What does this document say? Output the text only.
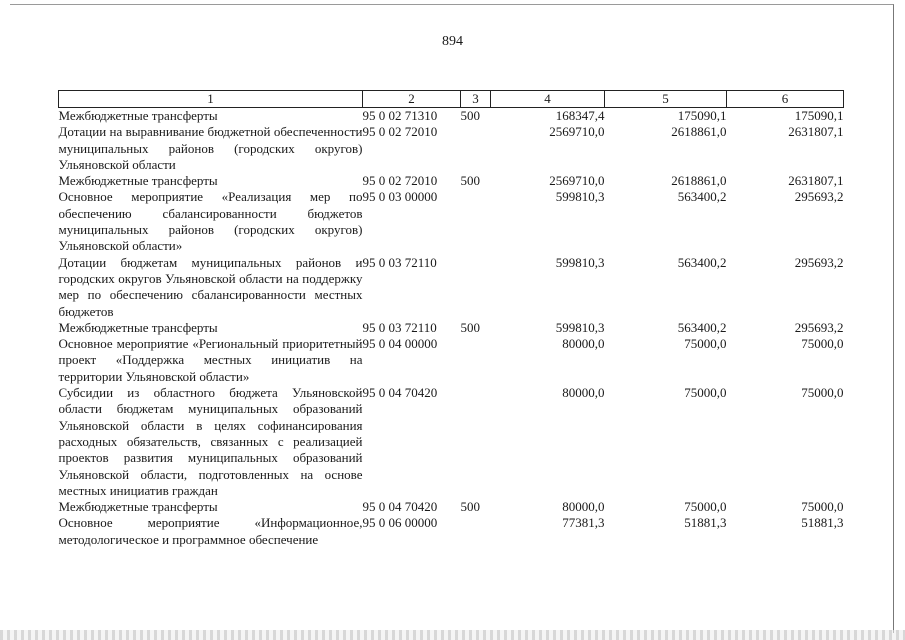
894
1	2	3	4	5	6
Межбюджетные трансферты	95 0 02 71310	500	168347,4	175090,1	175090,1
Дотации на выравнивание бюджетной обеспеченности муниципальных районов (городских округов) Ульяновской области	95 0 02 72010		2569710,0	2618861,0	2631807,1
Межбюджетные трансферты	95 0 02 72010	500	2569710,0	2618861,0	2631807,1
Основное мероприятие «Реализация мер по обеспечению сбалансированности бюджетов муниципальных районов (городских округов) Ульяновской области»	95 0 03 00000		599810,3	563400,2	295693,2
Дотации бюджетам муниципальных районов и городских округов Ульяновской области на поддержку мер по обеспечению сбалансированности местных бюджетов	95 0 03 72110		599810,3	563400,2	295693,2
Межбюджетные трансферты	95 0 03 72110	500	599810,3	563400,2	295693,2
Основное мероприятие «Региональный приоритетный проект «Поддержка местных инициатив на территории Ульяновской области»	95 0 04 00000		80000,0	75000,0	75000,0
Субсидии из областного бюджета Ульяновской области бюджетам муниципальных образований Ульяновской области в целях софинансирования расходных обязательств, связанных с реализацией проектов развития муниципальных образований Ульяновской области, подготовленных на основе местных инициатив граждан	95 0 04 70420		80000,0	75000,0	75000,0
Межбюджетные трансферты	95 0 04 70420	500	80000,0	75000,0	75000,0
Основное мероприятие «Информационное, методологическое и программное обеспечение	95 0 06 00000		77381,3	51881,3	51881,3
